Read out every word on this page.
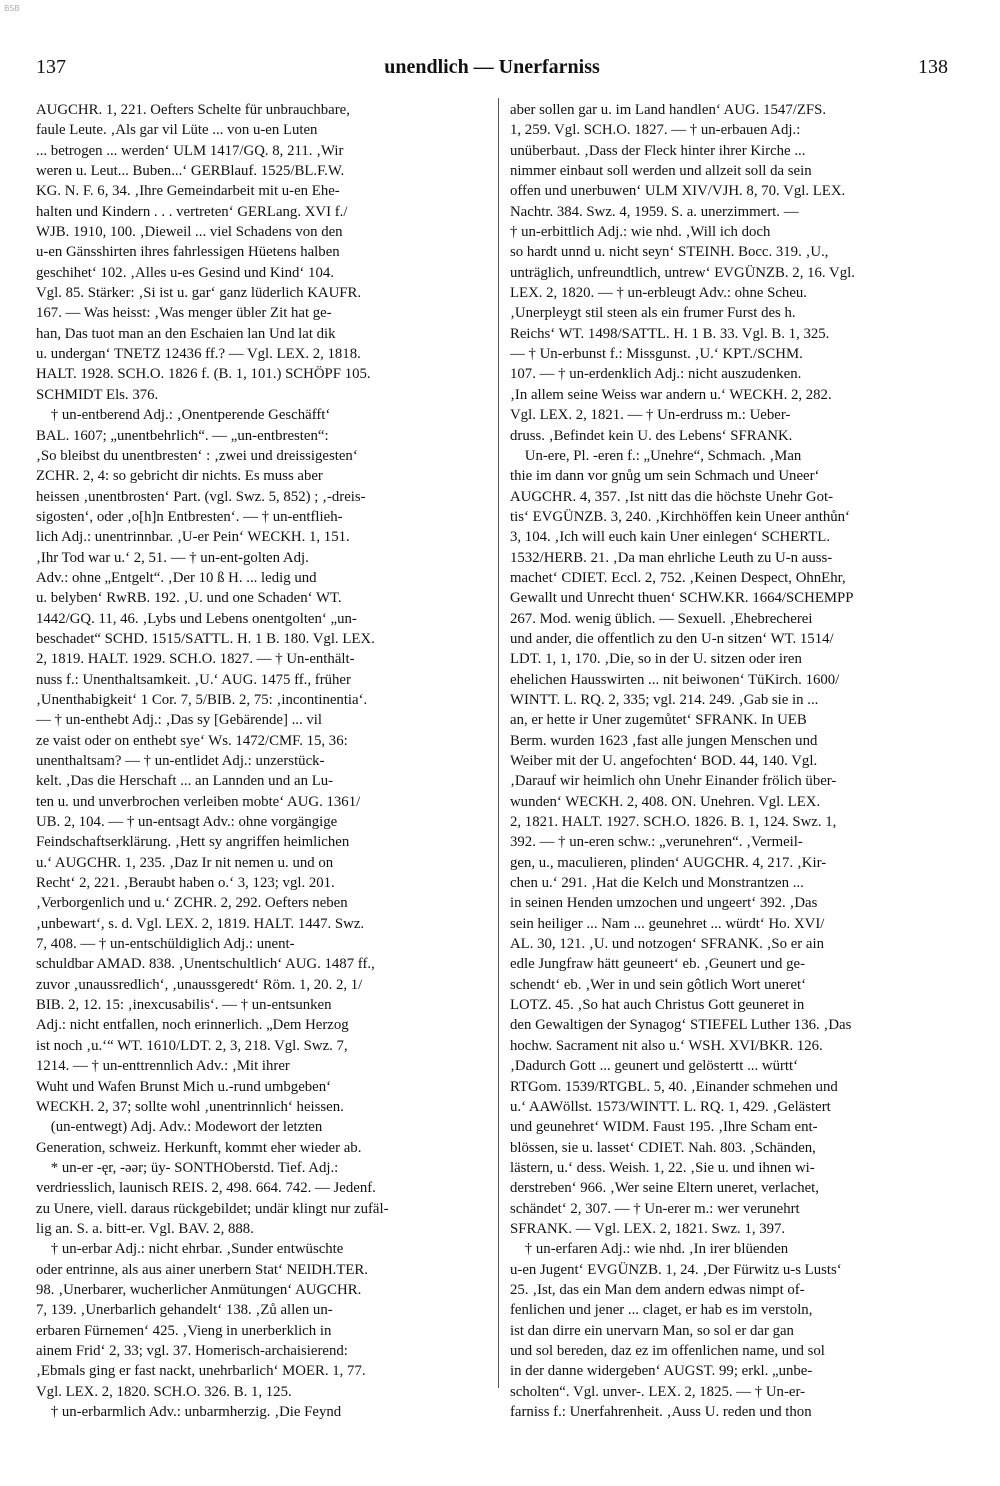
BSB
137	unendlich — Unerfarniss	138
AUGCHR. 1, 221. Oefters Schelte für unbrauchbare,
faule Leute. ‚Als gar vil Lüte ... von u-en Luten
... betrogen ... werden‘ ULM 1417/GQ. 8, 211. ‚Wir
weren u. Leut... Buben...‘ GERBlauf. 1525/BL.F.W.
KG. N. F. 6, 34. ‚Ihre Gemeindarbeit mit u-en Ehe-
halten und Kindern . . . vertreten‘ GERLang. XVI f./
WJB. 1910, 100. ‚Dieweil ... viel Schadens von den
u-en Gänsshirten ihres fahrlessigen Hüetens halben
geschihet‘ 102. ‚Alles u-es Gesind und Kind‘ 104.
Vgl. 85. Stärker: ‚Si ist u. gar‘ ganz lüderlich KAUFR.
167. — Was heisst: ‚Was menger übler Zit hat ge-
han, Das tuot man an den Eschaien lan Und lat dik
u. undergan‘ TNETZ 12436 ff.? — Vgl. LEX. 2, 1818.
HALT. 1928. SCH.O. 1826 f. (B. 1, 101.) SCHÖPF 105.
SCHMIDT Els. 376.
† un-entberend Adj.: ‚Onentperende Geschäfft‘
BAL. 1607; „unentbehrlich“. — „un-entbresten“:
‚So bleibst du unentbresten‘ : ‚zwei und dreissigesten‘
ZCHR. 2, 4: so gebricht dir nichts. Es muss aber
heissen ‚unentbrosten‘ Part. (vgl. Swz. 5, 852) ; ‚-dreis-
sigosten‘, oder ‚o[h]n Entbresten‘. — † un-entflieh-
lich Adj.: unentrinnbar. ‚U-er Pein‘ WECKH. 1, 151.
‚Ihr Tod war u.‘ 2, 51. — † un-ent-golten Adj.
Adv.: ohne „Entgelt“. ‚Der 10 ß H. ... ledig und
u. belyben‘ RwRB. 192. ‚U. und one Schaden‘ WT.
1442/GQ. 11, 46. ‚Lybs und Lebens onentgolten‘ „un-
beschadet“ SCHD. 1515/SATTL. H. 1 B. 180. Vgl. LEX.
2, 1819. HALT. 1929. SCH.O. 1827. — † Un-enthält-
nuss f.: Unenthaltsamkeit. ‚U.‘ AUG. 1475 ff., früher
‚Unenthabigkeit‘ 1 Cor. 7, 5/BIB. 2, 75: ‚incontinentia‘.
— † un-enthebt Adj.: ‚Das sy [Gebärende] ... vil
ze vaist oder on enthebt sye‘ Ws. 1472/CMF. 15, 36:
unenthaltsam? — † un-entlidet Adj.: unzerstück-
kelt. ‚Das die Herschaft ... an Lannden und an Lu-
ten u. und unverbrochen verleiben mobte‘ AUG. 1361/
UB. 2, 104. — † un-entsagt Adv.: ohne vorgängige
Feindschaftserklärung. ‚Hett sy angriffen heimlichen
u.‘ AUGCHR. 1, 235. ‚Daz Ir nit nemen u. und on
Recht‘ 2, 221. ‚Beraubt haben o.‘ 3, 123; vgl. 201.
‚Verborgenlich und u.‘ ZCHR. 2, 292. Oefters neben
‚unbewart‘, s. d. Vgl. LEX. 2, 1819. HALT. 1447. Swz.
7, 408. — † un-entschüldiglich Adj.: unent-
schuldbar AMAD. 838. ‚Unentschultlich‘ AUG. 1487 ff.,
zuvor ‚unaussredlich‘, ‚unaussgeredt‘ Röm. 1, 20. 2, 1/
BIB. 2, 12. 15: ‚inexcusabilis‘. — † un-entsunken
Adj.: nicht entfallen, noch erinnerlich. „Dem Herzog
ist noch ‚u.‘“ WT. 1610/LDT. 2, 3, 218. Vgl. Swz. 7,
1214. — † un-enttrennlich Adv.: ‚Mit ihrer
Wuht und Wafen Brunst Mich u.-rund umbgeben‘
WECKH. 2, 37; sollte wohl ‚unentrinnlich‘ heissen.
(un-entwegt) Adj. Adv.: Modewort der letzten
Generation, schweiz. Herkunft, kommt eher wieder ab.
* un-er -ęr, -ǝǝr; üy- SONTHOberstd. Tief. Adj.:
verdriesslich, launisch REIS. 2, 498. 664. 742. — Jedenf.
zu Unere, viell. daraus rückgebildet; undär klingt nur zufäl-
lig an. S. a. bitt-er. Vgl. BAV. 2, 888.
† un-erbar Adj.: nicht ehrbar. ‚Sunder entwüschte
oder entrinne, als aus ainer unerbern Stat‘ NEIDH.TER.
98. ‚Unerbarer, wucherlicher Anmütungen‘ AUGCHR.
7, 139. ‚Unerbarlich gehandelt‘ 138. ‚Zů allen un-
erbaren Fürnemen‘ 425. ‚Vieng in unerberklich in
ainem Frid‘ 2, 33; vgl. 37. Homerisch-archaisierend:
‚Ebmals ging er fast nackt, unehrbarlich‘ MOER. 1, 77.
Vgl. LEX. 2, 1820. SCH.O. 326. B. 1, 125.
† un-erbarmlich Adv.: unbarmherzig. ‚Die Feynd
aber sollen gar u. im Land handlen‘ AUG. 1547/ZFS.
1, 259. Vgl. SCH.O. 1827. — † un-erbauen Adj.:
unüberbaut. ‚Dass der Fleck hinter ihrer Kirche ...
nimmer einbaut soll werden und allzeit soll da sein
offen und unerbuwen‘ ULM XIV/VJH. 8, 70. Vgl. LEX.
Nachtr. 384. Swz. 4, 1959. S. a. unerzimmert. —
† un-erbittlich Adj.: wie nhd. ‚Will ich doch
so hardt unnd u. nicht seyn‘ STEINH. Bocc. 319. ‚U.,
unträglich, unfreundtlich, untrew‘ EVGÜNZB. 2, 16. Vgl.
LEX. 2, 1820. — † un-erbleugt Adv.: ohne Scheu.
‚Unerpleygt stil steen als ein frumer Furst des h.
Reichs‘ WT. 1498/SATTL. H. 1 B. 33. Vgl. B. 1, 325.
— † Un-erbunst f.: Missgunst. ‚U.‘ KPT./SCHM.
107. — † un-erdenklich Adj.: nicht auszudenken.
‚In allem seine Weiss war andern u.‘ WECKH. 2, 282.
Vgl. LEX. 2, 1821. — † Un-erdruss m.: Ueber-
druss. ‚Befindet kein U. des Lebens‘ SFRANK.
Un-ere, Pl. -eren f.: „Unehre“, Schmach. ‚Man
thie im dann vor gnůg um sein Schmach und Uneer‘
AUGCHR. 4, 357. ‚Ist nitt das die höchste Unehr Got-
tis‘ EVGÜNZB. 3, 240. ‚Kirchhöffen kein Uneer anthůn‘
3, 104. ‚Ich will euch kain Uner einlegen‘ SCHERTL.
1532/HERB. 21. ‚Da man ehrliche Leuth zu U-n auss-
machet‘ CDIET. Eccl. 2, 752. ‚Keinen Despect, OhnEhr,
Gewallt und Unrecht thuen‘ SCHW.KR. 1664/SCHEMPP
267. Mod. wenig üblich. — Sexuell. ‚Ehebrecherei
und ander, die offentlich zu den U-n sitzen‘ WT. 1514/
LDT. 1, 1, 170. ‚Die, so in der U. sitzen oder iren
ehelichen Hausswirten ... nit beiwonen‘ TüKirch. 1600/
WINTT. L. RQ. 2, 335; vgl. 214. 249. ‚Gab sie in ...
an, er hette ir Uner zugemůtet‘ SFRANK. In UEB
Berm. wurden 1623 ‚fast alle jungen Menschen und
Weiber mit der U. angefochten‘ BOD. 44, 140. Vgl.
‚Darauf wir heimlich ohn Unehr Einander frölich über-
wunden‘ WECKH. 2, 408. ON. Unehren. Vgl. LEX.
2, 1821. HALT. 1927. SCH.O. 1826. B. 1, 124. Swz. 1,
392. — † un-eren schw.: „verunehren“. ‚Vermeil-
gen, u., maculieren, plinden‘ AUGCHR. 4, 217. ‚Kir-
chen u.‘ 291. ‚Hat die Kelch und Monstrantzen ...
in seinen Henden umzochen und ungeert‘ 392. ‚Das
sein heiliger ... Nam ... geunehret ... würdt‘ Ho. XVI/
AL. 30, 121. ‚U. und notzogen‘ SFRANK. ‚So er ain
edle Jungfraw hätt geuneert‘ eb. ‚Geunert und ge-
schendt‘ eb. ‚Wer in und sein gôtlich Wort uneret‘
LOTZ. 45. ‚So hat auch Christus Gott geuneret in
den Gewaltigen der Synagog‘ STIEFEL Luther 136. ‚Das
hochw. Sacrament nit also u.‘ WSH. XVI/BKR. 126.
‚Dadurch Gott ... geunert und gelöstertt ... württ‘
RTGom. 1539/RTGBL. 5, 40. ‚Einander schmehen und
u.‘ AAWöllst. 1573/WINTT. L. RQ. 1, 429. ‚Gelästert
und geunehret‘ WIDM. Faust 195. ‚Ihre Scham ent-
blössen, sie u. lasset‘ CDIET. Nah. 803. ‚Schänden,
lästern, u.‘ dess. Weish. 1, 22. ‚Sie u. und ihnen wi-
derstreben‘ 966. ‚Wer seine Eltern uneret, verlachet,
schändet‘ 2, 307. — † Un-erer m.: wer verunehrt
SFRANK. — Vgl. LEX. 2, 1821. Swz. 1, 397.
† un-erfaren Adj.: wie nhd. ‚In irer blüenden
u-en Jugent‘ EVGÜNZB. 1, 24. ‚Der Fürwitz u-s Lusts‘
25. ‚Ist, das ein Man dem andern edwas nimpt of-
fenlichen und jener ... claget, er hab es im verstoln,
ist dan dirre ein unervarn Man, so sol er dar gan
und sol bereden, daz ez im offenlichen name, und sol
in der danne widergeben‘ AUGST. 99; erkl. „unbe-
scholten“. Vgl. unver-. LEX. 2, 1825. — † Un-er-
farniss f.: Unerfahrenheit. ‚Auss U. reden und thon
